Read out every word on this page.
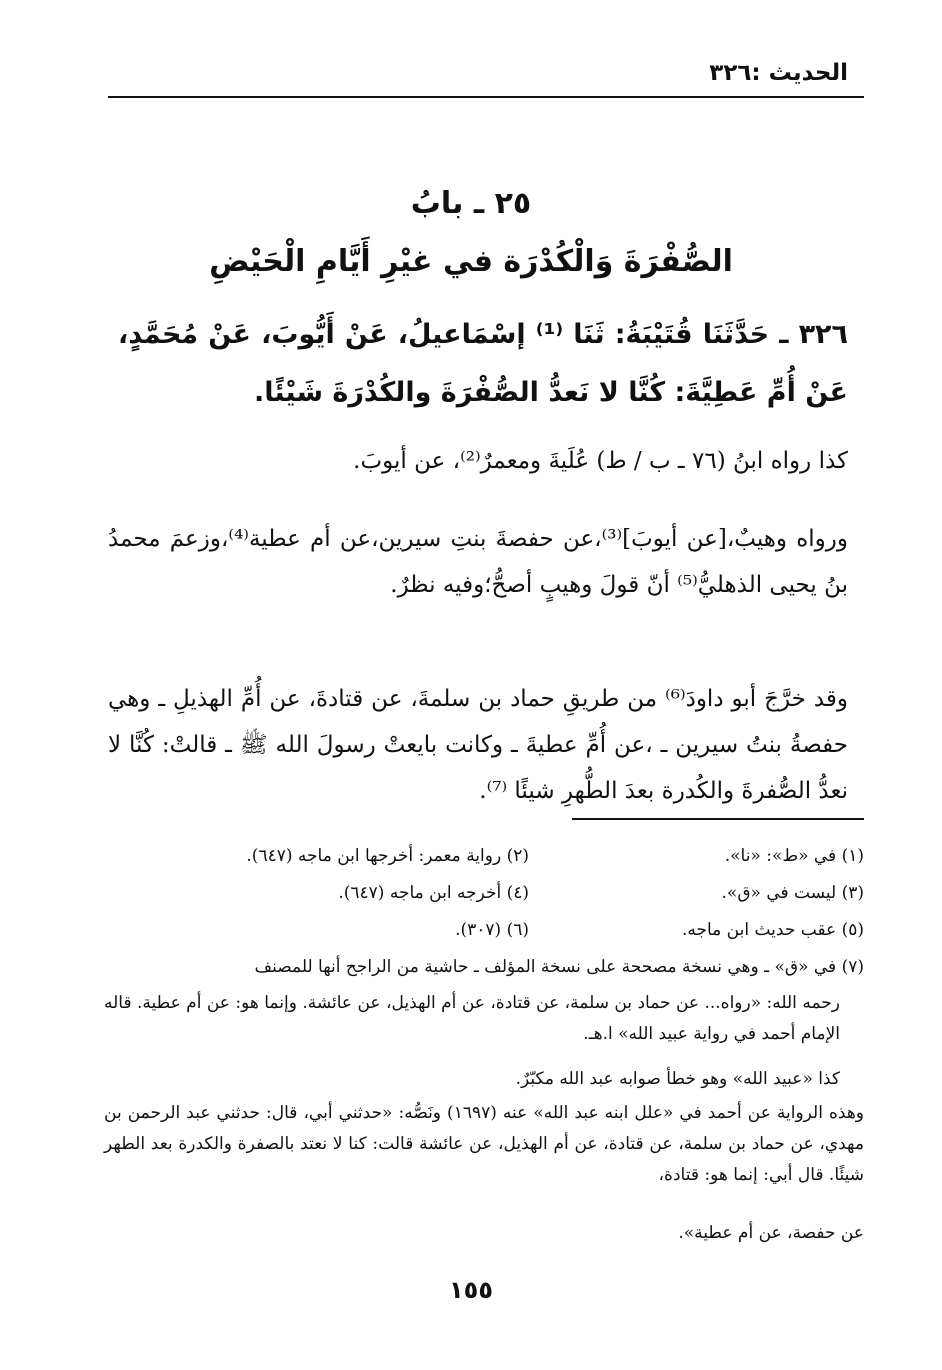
الحديث :٣٢٦
٢٥ ـ بابُ
الصُّفْرَةَ وَالْكُدْرَة في غيْرِ أَيَّامِ الْحَيْضِ
٣٢٦ ـ حَدَّثَنَا قُتَيْبَةُ: ثَنَا ⁽¹⁾ إسْمَاعيلُ، عَنْ أَيُّوبَ، عَنْ مُحَمَّدٍ، عَنْ أُمِّ عَطِيَّةَ: كُنَّا لا نَعدُّ الصُّفْرَةَ والكُدْرَةَ شَيْئًا.
كذا رواه ابنُ (٧٦ ـ ب / ط) عُلَيةَ ومعمرٌ⁽²⁾، عن أيوبَ.
ورواه وهيبٌ،[عن أيوبَ]⁽³⁾،عن حفصةَ بنتِ سيرين،عن أم عطية⁽⁴⁾،وزعمَ محمدُ بنُ يحيى الذهليُّ⁽⁵⁾ أنّ قولَ وهيبٍ أصحُّ؛وفيه نظرٌ.
وقد خرَّجَ أبو داودَ⁽⁶⁾ من طريقِ حماد بن سلمةَ، عن قتادةَ، عن أُمِّ الهذيلِ ـ وهي حفصةُ بنتُ سيرين ـ ،عن أُمِّ عطيةَ ـ وكانت بايعتْ رسولَ الله ﷺ ـ قالتْ: كُنَّا لا نعدُّ الصُّفرةَ والكُدرة بعدَ الطُّهرِ شيئًا ⁽⁷⁾.
(١) في «ط»: «نا».
(٢) رواية معمر: أخرجها ابن ماجه (٦٤٧).
(٣) ليست في «ق».
(٤) أخرجه ابن ماجه (٦٤٧).
(٥) عقب حديث ابن ماجه.
(٦) (٣٠٧).
(٧) في «ق» ـ وهي نسخة مصححة على نسخة المؤلف ـ حاشية من الراجح أنها للمصنف
رحمه الله: «رواه... عن حماد بن سلمة، عن قتادة، عن أم الهذيل، عن عائشة. وإنما هو: عن أم عطية. قاله الإمام أحمد في رواية عبيد الله» ا.هـ.
كذا «عبيد الله» وهو خطأ صوابه عبد الله مكبّرٌ.
وهذه الرواية عن أحمد في «علل ابنه عبد الله» عنه (١٦٩٧) ونَصُّه: «حدثني أبي، قال: حدثني عبد الرحمن بن مهدي، عن حماد بن سلمة، عن قتادة، عن أم الهذيل، عن عائشة قالت: كنا لا نعتد بالصفرة والكدرة بعد الطهر شيئًا. قال أبي: إنما هو: قتادة،
عن حفصة، عن أم عطية».
١٥٥
